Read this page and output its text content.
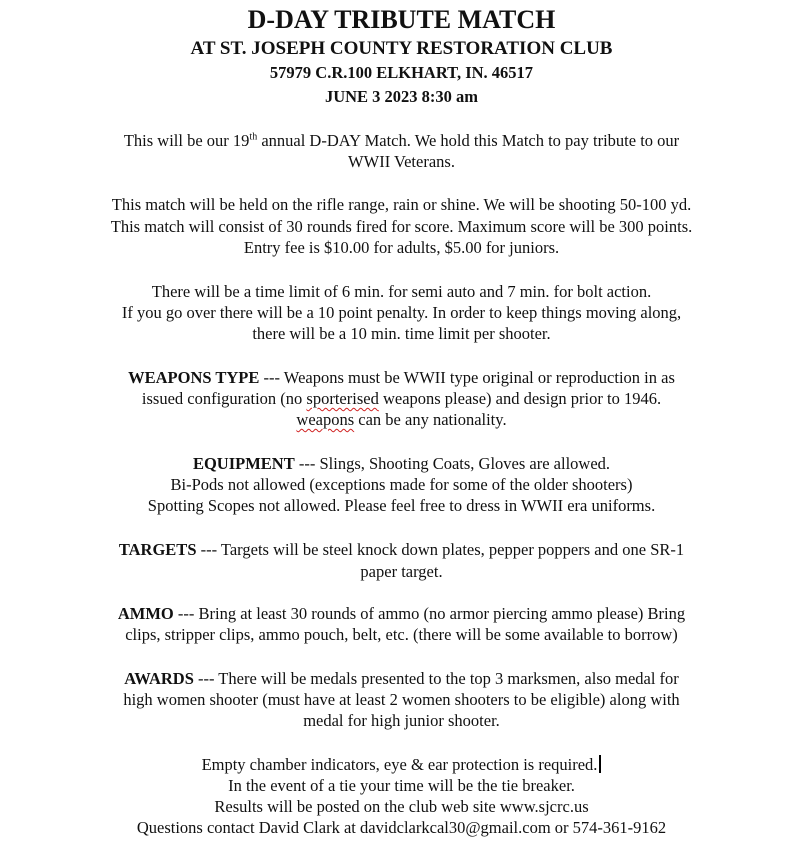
D-DAY TRIBUTE MATCH
AT ST. JOSEPH COUNTY RESTORATION CLUB
57979 C.R.100 ELKHART, IN. 46517
JUNE 3 2023 8:30 am
This will be our 19th annual D-DAY Match. We hold this Match to pay tribute to our
WWII Veterans.
This match will be held on the rifle range, rain or shine. We will be shooting 50-100 yd.
This match will consist of 30 rounds fired for score. Maximum score will be 300 points.
Entry fee is $10.00 for adults, $5.00 for juniors.
There will be a time limit of 6 min. for semi auto and 7 min. for bolt action.
If you go over there will be a 10 point penalty. In order to keep things moving along,
there will be a 10 min. time limit per shooter.
WEAPONS TYPE --- Weapons must be WWII type original or reproduction in as
issued configuration (no sporterised weapons please) and design prior to 1946.
weapons can be any nationality.
EQUIPMENT --- Slings, Shooting Coats, Gloves are allowed.
Bi-Pods not allowed (exceptions made for some of the older shooters)
Spotting Scopes not allowed. Please feel free to dress in WWII era uniforms.
TARGETS --- Targets will be steel knock down plates, pepper poppers and one SR-1
paper target.
AMMO --- Bring at least 30 rounds of ammo (no armor piercing ammo please) Bring
clips, stripper clips, ammo pouch, belt, etc. (there will be some available to borrow)
AWARDS --- There will be medals presented to the top 3 marksmen, also medal for
high women shooter (must have at least 2 women shooters to be eligible) along with
medal for high junior shooter.
Empty chamber indicators, eye & ear protection is required.
In the event of a tie your time will be the tie breaker.
Results will be posted on the club web site www.sjcrc.us
Questions contact David Clark at davidclarkcal30@gmail.com or 574-361-9162
